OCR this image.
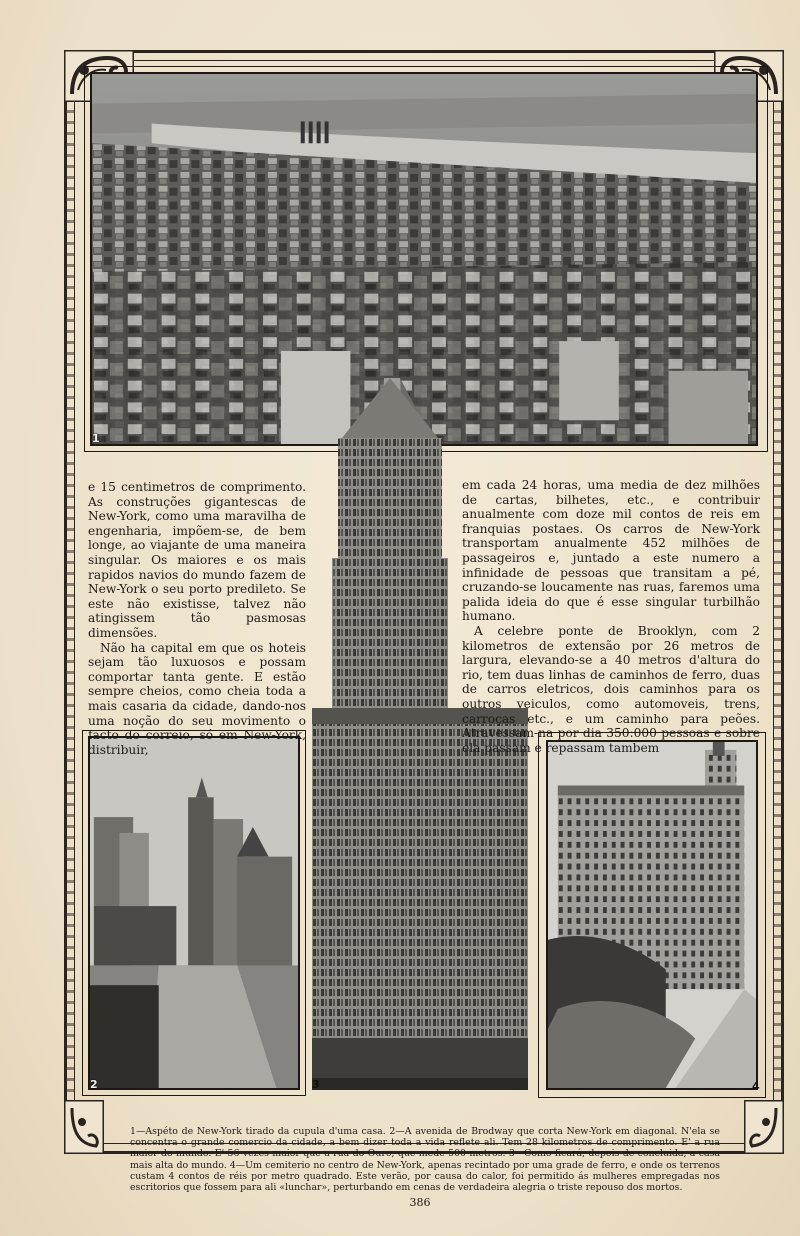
1
3
2	4

e 15 centimetros de comprimento. As construções gigantescas de New-York, como uma maravilha de engenharia, impõem-se, de bem longe, ao viajante de uma maneira singular. Os maiores e os mais rapidos navios do mundo fazem de New-York o seu porto predileto. Se este não existisse, talvez não atingissem tão pasmosas dimensões.

Não ha capital em que os hoteis sejam tão luxuosos e possam comportar tanta gente. E estão sempre cheios, como cheia toda a mais casaria da cidade, dando-nos uma noção do seu movimento o facto do correio, só em New-York, distribuir,

em cada 24 horas, uma media de dez milhões de cartas, bilhetes, etc., e contribuir anualmente com doze mil contos de reis em franquias postaes. Os carros de New-York transportam anualmente 452 milhões de passageiros e, juntado a este numero a infinidade de pessoas que transitam a pé, cruzando-se loucamente nas ruas, faremos uma palida ideia do que é esse singular turbilhão humano.

A celebre ponte de Brooklyn, com 2 kilometros de extensão por 26 metros de largura, elevando-se a 40 metros d'altura do rio, tem duas linhas de caminhos de ferro, duas de carros eletricos, dois caminhos para os outros veiculos, como automoveis, trens, carroças etc., e um caminho para peões. Atravessam-na por dia 350:000 pessoas e sobre ela passam e repassam tambem

1—Aspéto de New-York tirado da cupula d'uma casa. 2—A avenida de Brodway que corta New-York em diagonal. N'ela se concentra o grande comercio da cidade, a bem dizer toda a vida reflete ali. Tem 28 kilometros de comprimento. E' a rua maior do mundo. E' 56 vezes maior que a rua do Ouro, que mede 500 metros. 3—Como ficará, depois de concluida, a casa mais alta do mundo. 4—Um cemiterio no centro de New-York, apenas recintado por uma grade de ferro, e onde os terrenos custam 4 contos de réis por metro quadrado. Este verão, por causa do calor, foi permitido ás mulheres empregadas nos escritorios que fossem para ali «lunchar», perturbando em cenas de verdadeira alegria o triste repouso dos mortos.
386
